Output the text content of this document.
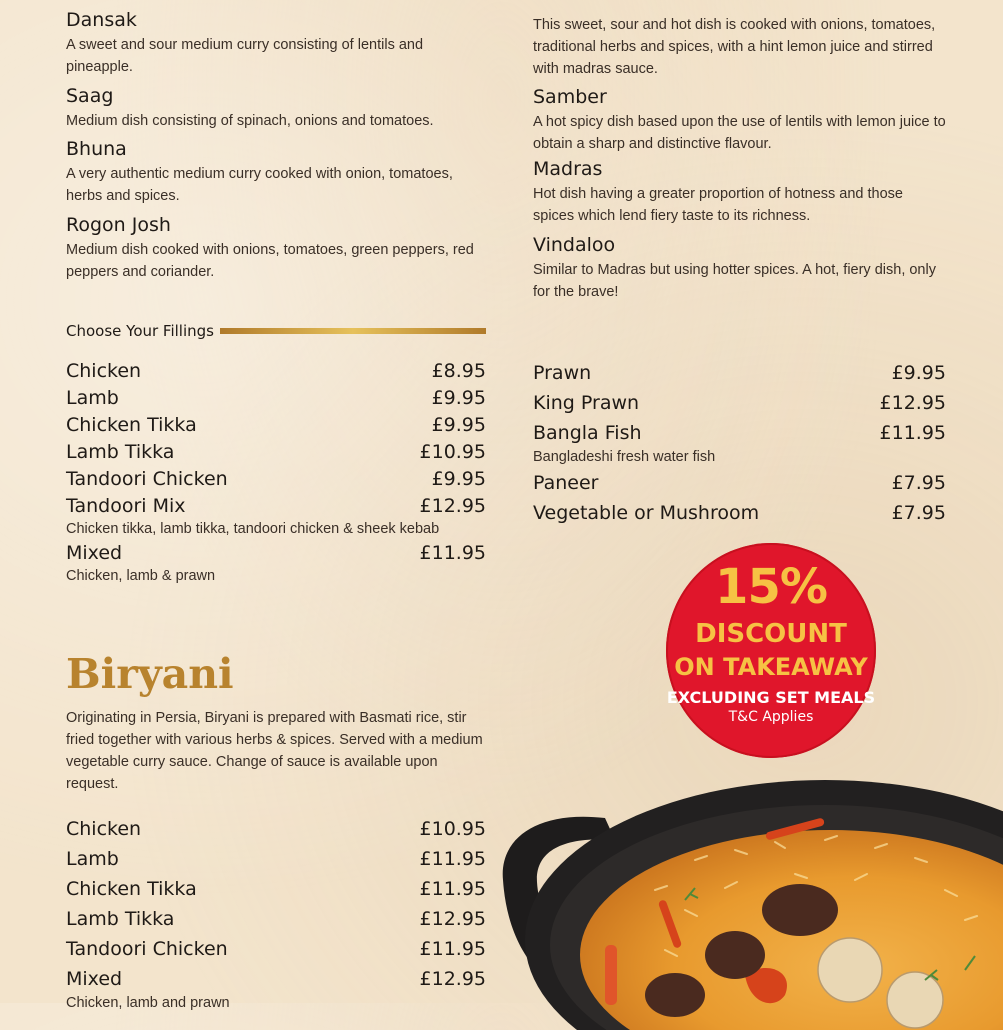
Dansak

A sweet and sour medium curry consisting of lentils and pineapple.

Saag

Medium dish consisting of spinach, onions and tomatoes.

Bhuna

A very authentic medium curry cooked with onion, tomatoes, herbs and spices.

Rogon Josh

Medium dish cooked with onions, tomatoes, green peppers, red peppers and coriander.

This sweet, sour and hot dish is cooked with onions, tomatoes, traditional herbs and spices, with a hint lemon juice and stirred with madras sauce.

Samber

A hot spicy dish based upon the use of lentils with lemon juice to obtain a sharp and distinctive flavour.

Madras

Hot dish having a greater proportion of hotness and those spices which lend fiery taste to its richness.

Vindaloo

Similar to Madras but using hotter spices. A hot, fiery dish, only for the brave!

Choose Your Fillings
Chicken	£8.95
Lamb	£9.95
Chicken Tikka	£9.95
Lamb Tikka	£10.95
Tandoori Chicken	£9.95
Tandoori Mix	£12.95

Chicken tikka, lamb tikka, tandoori chicken & sheek kebab

Mixed	£11.95

Chicken, lamb & prawn

Prawn	£9.95
King Prawn	£12.95
Bangla Fish	£11.95

Bangladeshi fresh water fish

Paneer	£7.95
Vegetable or Mushroom	£7.95
15%
DISCOUNT
ON TAKEAWAY
EXCLUDING SET MEALS
T&C Applies
Biryani

Originating in Persia, Biryani is prepared with Basmati rice, stir fried together with various herbs & spices. Served with a medium vegetable curry sauce. Change of sauce is available upon request.

Chicken	£10.95
Lamb	£11.95
Chicken Tikka	£11.95
Lamb Tikka	£12.95
Tandoori Chicken	£11.95
Mixed	£12.95

Chicken, lamb and prawn
